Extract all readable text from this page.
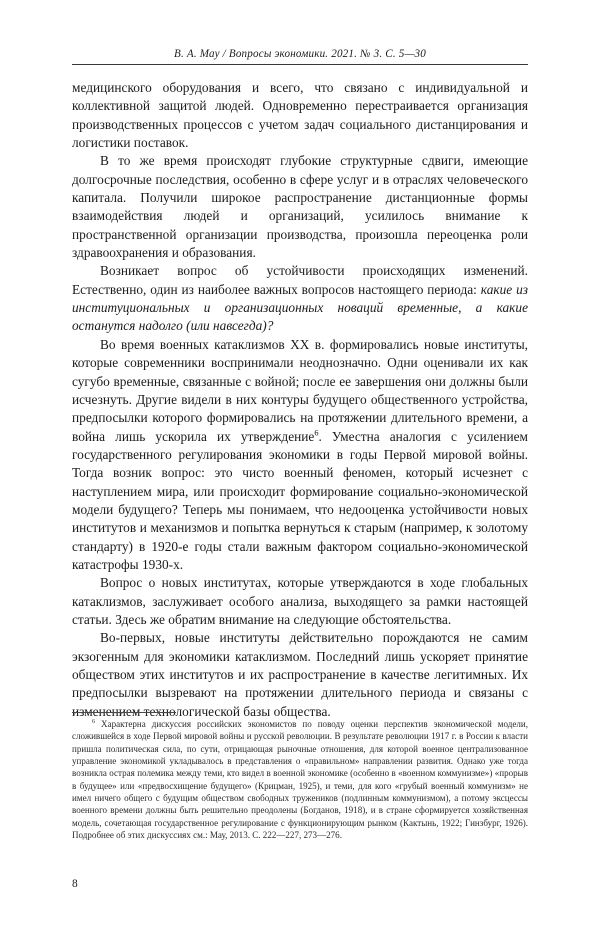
В. А. Мау / Вопросы экономики. 2021. № 3. С. 5—30

медицинского оборудования и всего, что связано с индивидуальной и коллективной защитой людей. Одновременно перестраивается организация производственных процессов с учетом задач социального дистанцирования и логистики поставок.

В то же время происходят глубокие структурные сдвиги, имеющие долгосрочные последствия, особенно в сфере услуг и в отраслях человеческого капитала. Получили широкое распространение дистанционные формы взаимодействия людей и организаций, усилилось внимание к пространственной организации производства, произошла переоценка роли здравоохранения и образования.

Возникает вопрос об устойчивости происходящих изменений. Естественно, один из наиболее важных вопросов настоящего периода: какие из институциональных и организационных новаций временные, а какие останутся надолго (или навсегда)?

Во время военных катаклизмов XX в. формировались новые институты, которые современники воспринимали неоднозначно. Одни оценивали их как сугубо временные, связанные с войной; после ее завершения они должны были исчезнуть. Другие видели в них контуры будущего общественного устройства, предпосылки которого формировались на протяжении длительного времени, а война лишь ускорила их утверждение$^6$. Уместна аналогия с усилением государственного регулирования экономики в годы Первой мировой войны. Тогда возник вопрос: это чисто военный феномен, который исчезнет с наступлением мира, или происходит формирование социально-экономической модели будущего? Теперь мы понимаем, что недооценка устойчивости новых институтов и механизмов и попытка вернуться к старым (например, к золотому стандарту) в 1920-е годы стали важным фактором социально-экономической катастрофы 1930-х.

Вопрос о новых институтах, которые утверждаются в ходе глобальных катаклизмов, заслуживает особого анализа, выходящего за рамки настоящей статьи. Здесь же обратим внимание на следующие обстоятельства.

Во-первых, новые институты действительно порождаются не самим экзогенным для экономики катаклизмом. Последний лишь ускоряет принятие обществом этих институтов и их распространение в качестве легитимных. Их предпосылки вызревают на протяжении длительного периода и связаны с изменением технологической базы общества.

$^6$ Характерна дискуссия российских экономистов по поводу оценки перспектив экономической модели, сложившейся в ходе Первой мировой войны и русской революции. В результате революции 1917 г. в России к власти пришла политическая сила, по сути, отрицающая рыночные отношения, для которой военное централизованное управление экономикой укладывалось в представления о «правильном» направлении развития. Однако уже тогда возникла острая полемика между теми, кто видел в военной экономике (особенно в «военном коммунизме») «прорыв в будущее» или «предвосхищение будущего» (Крицман, 1925), и теми, для кого «грубый военный коммунизм» не имел ничего общего с будущим обществом свободных тружеников (подлинным коммунизмом), а потому эксцессы военного времени должны быть решительно преодолены (Богданов, 1918), и в стране сформируется хозяйственная модель, сочетающая государственное регулирование с функционирующим рынком (Кактынь, 1922; Гинзбург, 1926). Подробнее об этих дискуссиях см.: Мау, 2013. С. 222—227, 273—276.

8
